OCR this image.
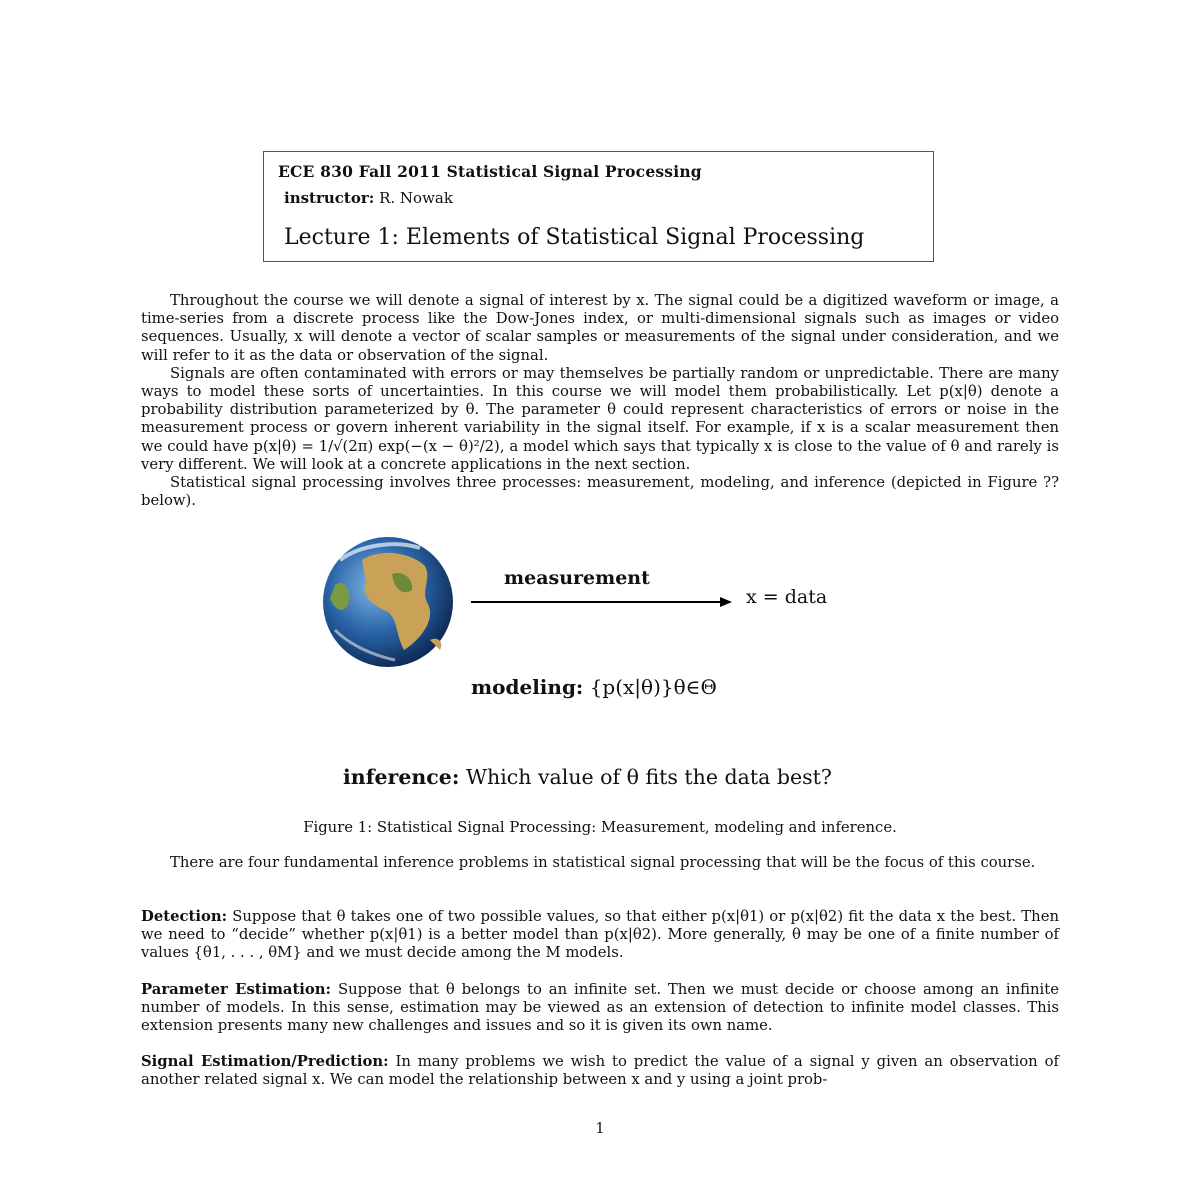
ECE 830 Fall 2011 Statistical Signal Processing
instructor: R. Nowak
Lecture 1: Elements of Statistical Signal Processing

Throughout the course we will denote a signal of interest by x. The signal could be a digitized waveform or image, a time-series from a discrete process like the Dow-Jones index, or multi-dimensional signals such as images or video sequences. Usually, x will denote a vector of scalar samples or measurements of the signal under consideration, and we will refer to it as the data or observation of the signal.

Signals are often contaminated with errors or may themselves be partially random or unpredictable. There are many ways to model these sorts of uncertainties. In this course we will model them probabilistically. Let p(x|θ) denote a probability distribution parameterized by θ. The parameter θ could represent characteristics of errors or noise in the measurement process or govern inherent variability in the signal itself. For example, if x is a scalar measurement then we could have p(x|θ) = 1/√(2π) exp(−(x − θ)²/2), a model which says that typically x is close to the value of θ and rarely is very different. We will look at a concrete applications in the next section.

Statistical signal processing involves three processes: measurement, modeling, and inference (depicted in Figure ?? below).

measurement
x = data
modeling: {p(x|θ)}θ∈Θ
inference: Which value of θ fits the data best?
Figure 1: Statistical Signal Processing: Measurement, modeling and inference.

There are four fundamental inference problems in statistical signal processing that will be the focus of this course.

Detection: Suppose that θ takes one of two possible values, so that either p(x|θ1) or p(x|θ2) fit the data x the best. Then we need to “decide” whether p(x|θ1) is a better model than p(x|θ2). More generally, θ may be one of a finite number of values {θ1, . . . , θM} and we must decide among the M models.

Parameter Estimation: Suppose that θ belongs to an infinite set. Then we must decide or choose among an infinite number of models. In this sense, estimation may be viewed as an extension of detection to infinite model classes. This extension presents many new challenges and issues and so it is given its own name.

Signal Estimation/Prediction: In many problems we wish to predict the value of a signal y given an observation of another related signal x. We can model the relationship between x and y using a joint prob-

1
